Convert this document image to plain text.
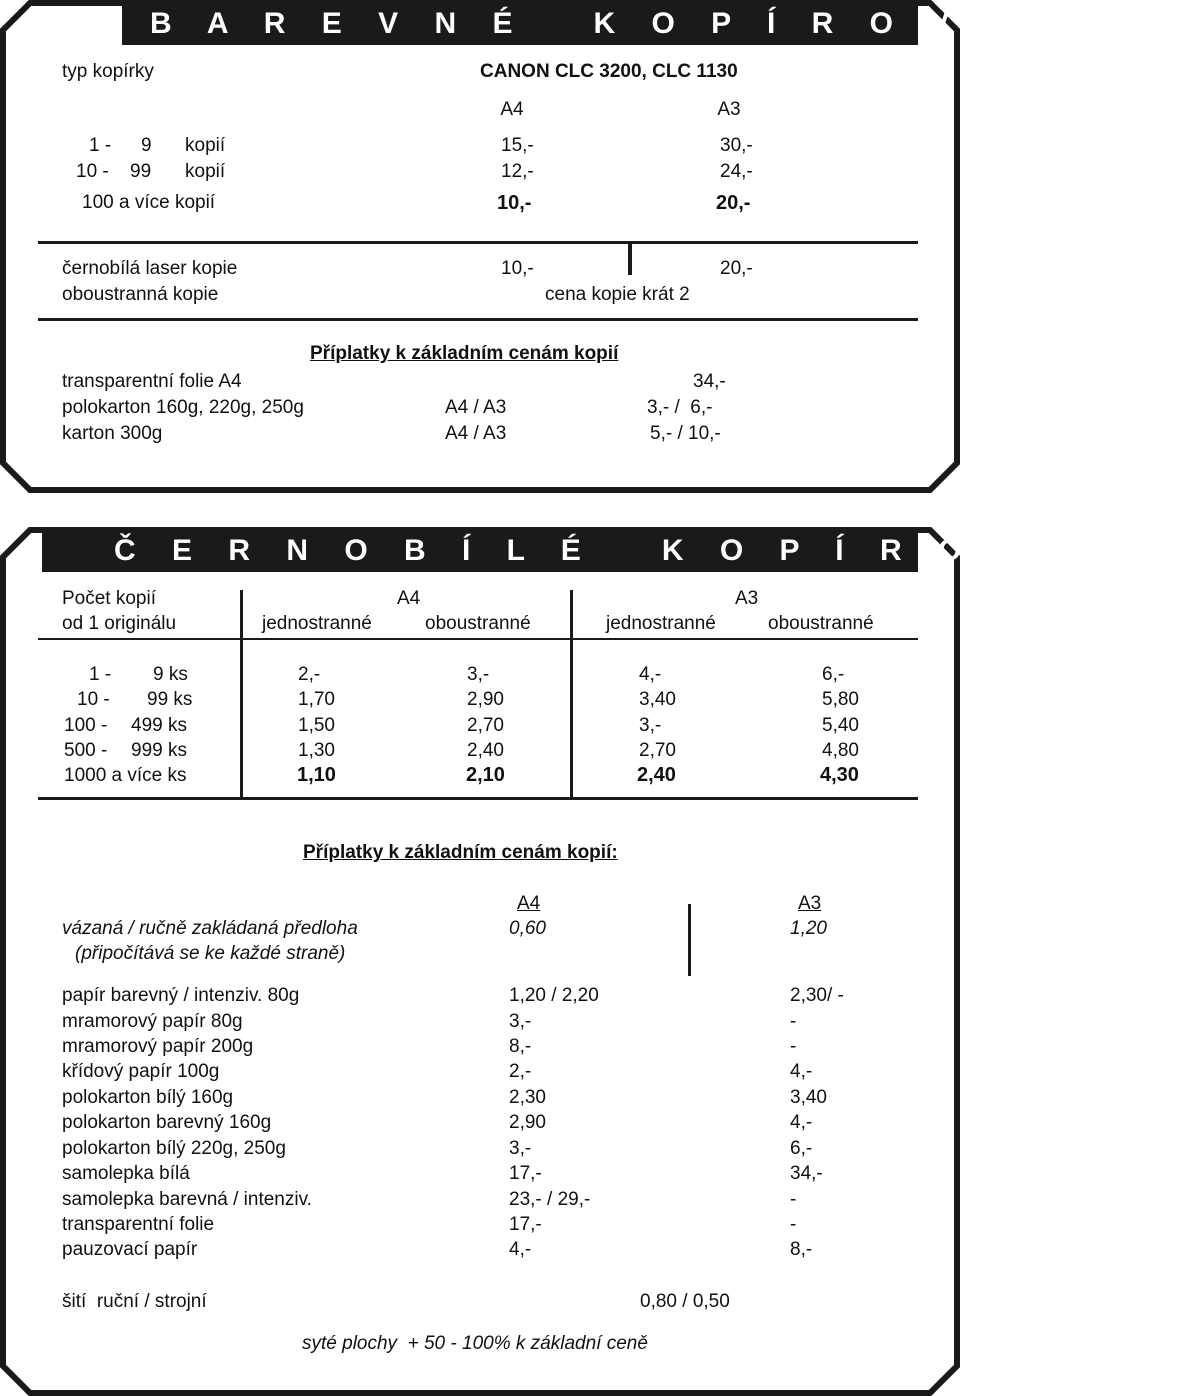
B A R E V N É   K O P Í R O V Á N Í
typ kopírky	CANON CLC 3200, CLC 1130
A4	A3
1 - 9 kopií	15,-	30,-
10 - 99 kopií	12,-	24,-
100 a více kopií	10,-	20,-
černobílá laser kopie	10,-	20,-
oboustranná kopie	cena kopie krát 2
Příplatky k základním cenám kopií
transparentní folie A4	34,-
polokarton 160g, 220g, 250g	A4 / A3	3,- /  6,-
karton 300g	A4 / A3	5,- / 10,-
Č E R N O B Í L É   K O P Í R O V Á N Í
Počet kopií
od 1 originálu
A4	A3
jednostranné	oboustranné	jednostranné	oboustranné
1 - 9 ks	2,-	3,-	4,-	6,-
10 - 99 ks	1,70	2,90	3,40	5,80
100 - 499 ks	1,50	2,70	3,-	5,40
500 - 999 ks	1,30	2,40	2,70	4,80
1000 a více ks	1,10	2,10	2,40	4,30
Příplatky k základním cenám kopií:
A4	A3
vázaná / ručně zakládaná předloha	0,60	1,20
(připočítává se ke každé straně)
papír barevný / intenziv. 80g	1,20 / 2,20	2,30/ -
mramorový papír 80g	3,-	-
mramorový papír 200g	8,-	-
křídový papír 100g	2,-	4,-
polokarton bílý 160g	2,30	3,40
polokarton barevný 160g	2,90	4,-
polokarton bílý 220g, 250g	3,-	6,-
samolepka bílá	17,-	34,-
samolepka barevná / intenziv.	23,- / 29,-	-
transparentní folie	17,-	-
pauzovací papír	4,-	8,-
šití  ruční / strojní	0,80 / 0,50
syté plochy  + 50 - 100% k základní ceně
